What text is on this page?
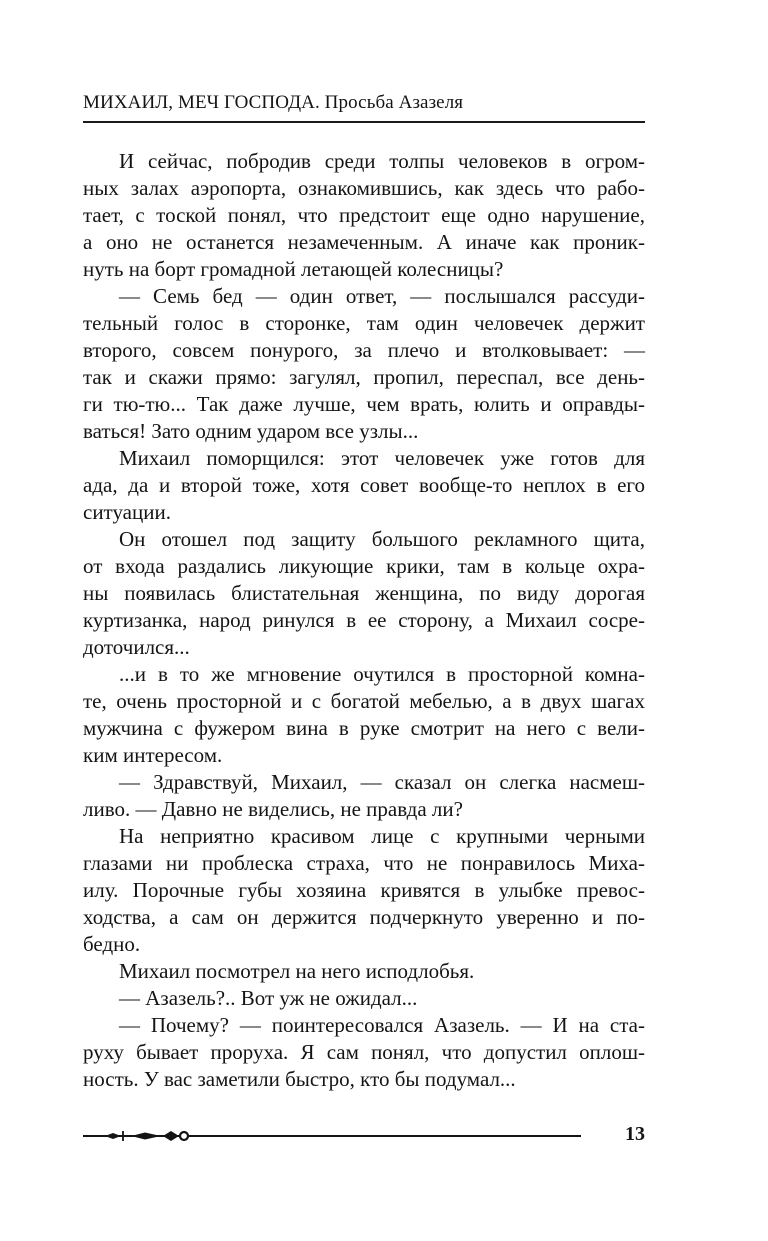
МИХАИЛ, МЕЧ ГОСПОДА. Просьба Азазеля
И сейчас, побродив среди толпы человеков в огром-
ных залах аэропорта, ознакомившись, как здесь что рабо-
тает, с тоской понял, что предстоит еще одно нарушение,
а оно не останется незамеченным. А иначе как проник-
нуть на борт громадной летающей колесницы?
— Семь бед — один ответ, — послышался рассуди-
тельный голос в сторонке, там один человечек держит
второго, совсем понурого, за плечо и втолковывает: —
так и скажи прямо: загулял, пропил, переспал, все день-
ги тю-тю... Так даже лучше, чем врать, юлить и оправды-
ваться! Зато одним ударом все узлы...
Михаил поморщился: этот человечек уже готов для
ада, да и второй тоже, хотя совет вообще-то неплох в его
ситуации.
Он отошел под защиту большого рекламного щита,
от входа раздались ликующие крики, там в кольце охра-
ны появилась блистательная женщина, по виду дорогая
куртизанка, народ ринулся в ее сторону, а Михаил сосре-
доточился...
...и в то же мгновение очутился в просторной комна-
те, очень просторной и с богатой мебелью, а в двух шагах
мужчина с фужером вина в руке смотрит на него с вели-
ким интересом.
— Здравствуй, Михаил, — сказал он слегка насмеш-
ливо. — Давно не виделись, не правда ли?
На неприятно красивом лице с крупными черными
глазами ни проблеска страха, что не понравилось Миха-
илу. Порочные губы хозяина кривятся в улыбке превос-
ходства, а сам он держится подчеркнуто уверенно и по-
бедно.
Михаил посмотрел на него исподлобья.
— Азазель?.. Вот уж не ожидал...
— Почему? — поинтересовался Азазель. — И на ста-
руху бывает проруха. Я сам понял, что допустил оплош-
ность. У вас заметили быстро, кто бы подумал...
13
